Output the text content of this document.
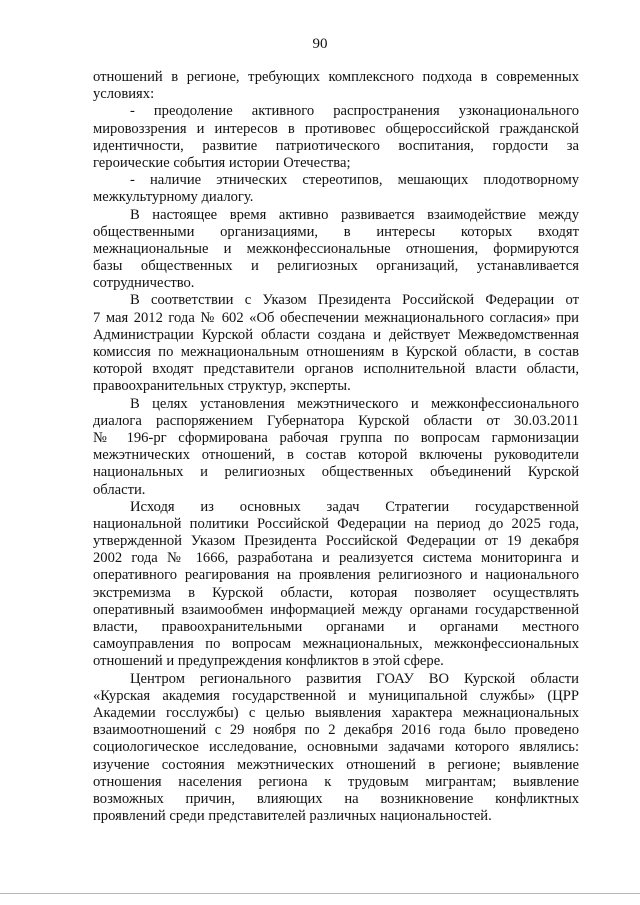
90
отношений в регионе, требующих комплексного подхода в современных
условиях:
- преодоление активного распространения узконационального
мировоззрения и интересов в противовес общероссийской гражданской
идентичности, развитие патриотического воспитания, гордости за
героические события истории Отечества;
- наличие этнических стереотипов, мешающих плодотворному
межкультурному диалогу.
В настоящее время активно развивается взаимодействие между
общественными организациями, в интересы которых входят
межнациональные и межконфессиональные отношения, формируются
базы общественных и религиозных организаций, устанавливается
сотрудничество.
В соответствии с Указом Президента Российской Федерации от
7 мая 2012 года № 602 «Об обеспечении межнационального согласия» при
Администрации Курской области создана и действует Межведомственная
комиссия по межнациональным отношениям в Курской области, в состав
которой входят представители органов исполнительной власти области,
правоохранительных структур, эксперты.
В целях установления межэтнического и межконфессионального
диалога распоряжением Губернатора Курской области от 30.03.2011
№ 196-рг сформирована рабочая группа по вопросам гармонизации
межэтнических отношений, в состав которой включены руководители
национальных и религиозных общественных объединений Курской
области.
Исходя из основных задач Стратегии государственной
национальной политики Российской Федерации на период до 2025 года,
утвержденной Указом Президента Российской Федерации от 19 декабря
2002 года № 1666, разработана и реализуется система мониторинга и
оперативного реагирования на проявления религиозного и национального
экстремизма в Курской области, которая позволяет осуществлять
оперативный взаимообмен информацией между органами государственной
власти, правоохранительными органами и органами местного
самоуправления по вопросам межнациональных, межконфессиональных
отношений и предупреждения конфликтов в этой сфере.
Центром регионального развития ГОАУ ВО Курской области
«Курская академия государственной и муниципальной службы» (ЦРР
Академии госслужбы) с целью выявления характера межнациональных
взаимоотношений с 29 ноября по 2 декабря 2016 года было проведено
социологическое исследование, основными задачами которого являлись:
изучение состояния межэтнических отношений в регионе; выявление
отношения населения региона к трудовым мигрантам; выявление
возможных причин, влияющих на возникновение конфликтных
проявлений среди представителей различных национальностей.
